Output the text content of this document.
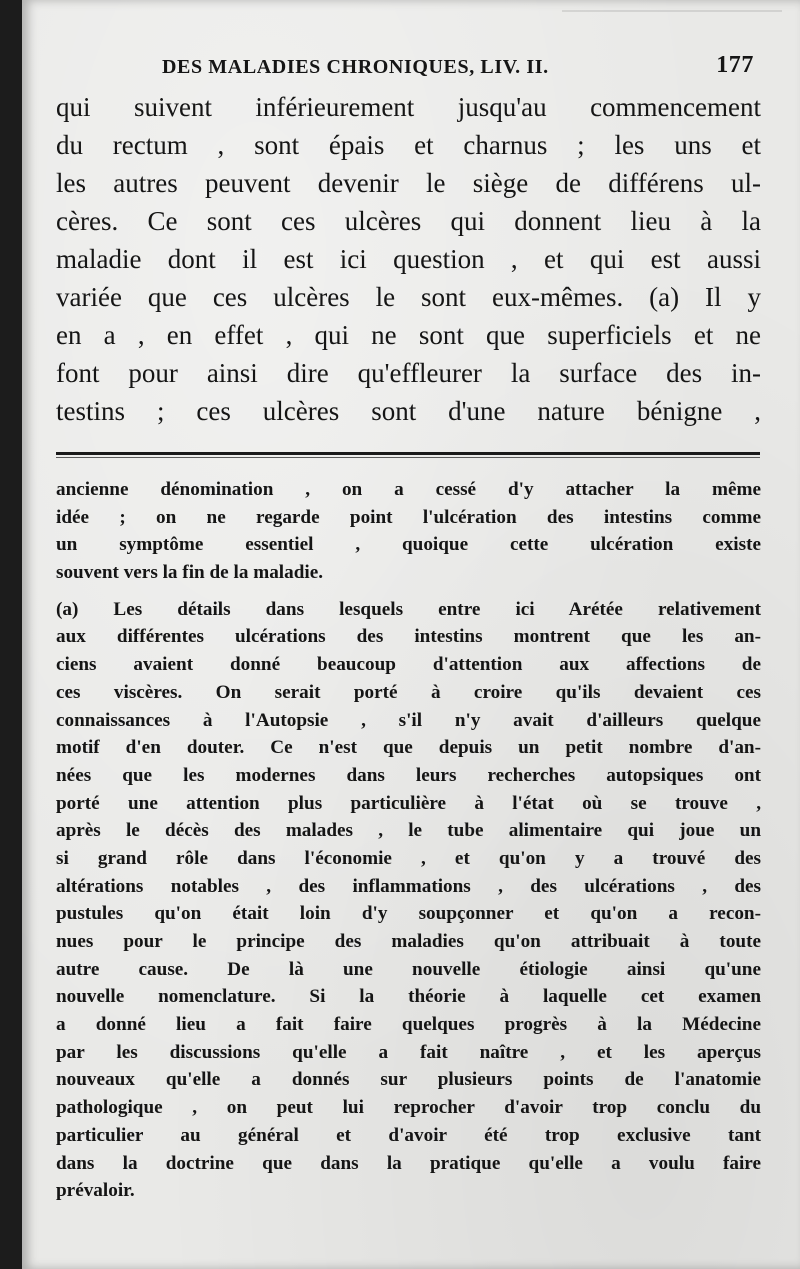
DES MALADIES CHRONIQUES, LIV. II.	177
qui suivent inférieurement jusqu'au commencement
du rectum , sont épais et charnus ; les uns et
les autres peuvent devenir le siège de différens ul-
cères. Ce sont ces ulcères qui donnent lieu à la
maladie dont il est ici question , et qui est aussi
variée que ces ulcères le sont eux-mêmes. (a) Il y
en a , en effet , qui ne sont que superficiels et ne
font pour ainsi dire qu'effleurer la surface des in-
testins ; ces ulcères sont d'une nature bénigne ,
ancienne dénomination , on a cessé d'y attacher la même
idée ; on ne regarde point l'ulcération des intestins comme
un symptôme essentiel , quoique cette ulcération existe
souvent vers la fin de la maladie.
(a) Les détails dans lesquels entre ici Arétée relativement
aux différentes ulcérations des intestins montrent que les an-
ciens avaient donné beaucoup d'attention aux affections de
ces viscères. On serait porté à croire qu'ils devaient ces
connaissances à l'Autopsie , s'il n'y avait d'ailleurs quelque
motif d'en douter. Ce n'est que depuis un petit nombre d'an-
nées que les modernes dans leurs recherches autopsiques ont
porté une attention plus particulière à l'état où se trouve ,
après le décès des malades , le tube alimentaire qui joue un
si grand rôle dans l'économie , et qu'on y a trouvé des
altérations notables , des inflammations , des ulcérations , des
pustules qu'on était loin d'y soupçonner et qu'on a recon-
nues pour le principe des maladies qu'on attribuait à toute
autre cause. De là une nouvelle étiologie ainsi qu'une
nouvelle nomenclature. Si la théorie à laquelle cet examen
a donné lieu a fait faire quelques progrès à la Médecine
par les discussions qu'elle a fait naître , et les aperçus
nouveaux qu'elle a donnés sur plusieurs points de l'anatomie
pathologique , on peut lui reprocher d'avoir trop conclu du
particulier au général et d'avoir été trop exclusive tant
dans la doctrine que dans la pratique qu'elle a voulu faire
prévaloir.
